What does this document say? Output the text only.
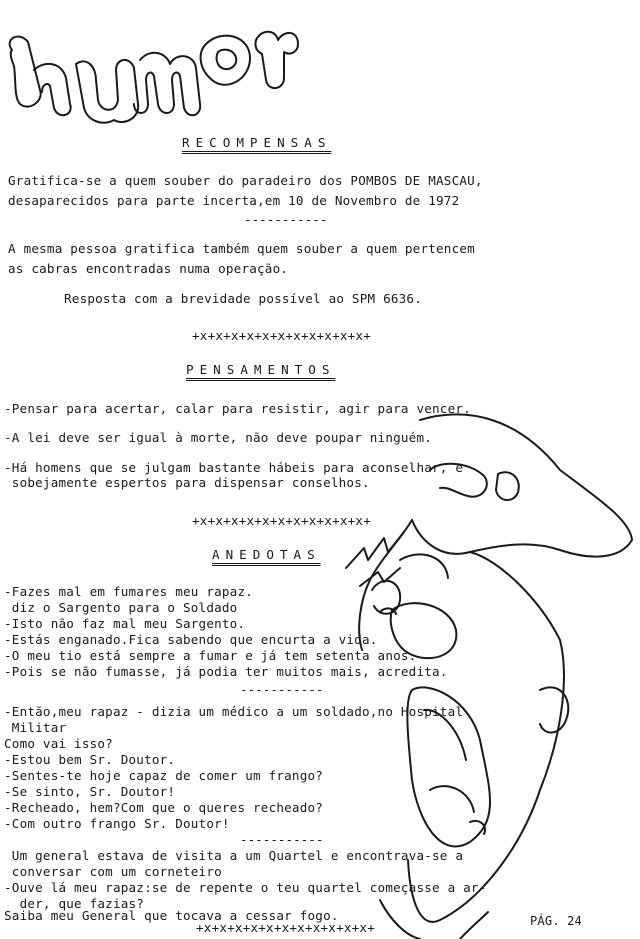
humor
RECOMPENSAS
Gratifica-se a quem souber do paradeiro dos POMBOS DE MASCAU,
desaparecidos para parte incerta,em 10 de Novembro de 1972
-----------
A mesma pessoa gratifica também quem souber a quem pertencem
as cabras encontradas numa operação.
Resposta com a brevidade possível ao SPM 6636.
+x+x+x+x+x+x+x+x+x+x+x+
PENSAMENTOS
-Pensar para acertar, calar para resistir, agir para vencer.
-A lei deve ser igual à morte, não deve poupar ninguém.
-Há homens que se julgam bastante hábeis para aconselhar, e
sobejamente espertos para dispensar conselhos.
+x+x+x+x+x+x+x+x+x+x+x+
ANEDOTAS
-Fazes mal em fumares meu rapaz.
diz o Sargento para o Soldado
-Isto não faz mal meu Sargento.
-Estás enganado.Fica sabendo que encurta a vida.
-O meu tio está sempre a fumar e já tem setenta anos.
-Pois se não fumasse, já podia ter muitos mais, acredita.
-----------
-Então,meu rapaz - dizia um médico a um soldado,no Hospital
Militar
Como vai isso?
-Estou bem Sr. Doutor.
-Sentes-te hoje capaz de comer um frango?
-Se sinto, Sr. Doutor!
-Recheado, hem?Com que o queres recheado?
-Com outro frango Sr. Doutor!
-----------
Um general estava de visita a um Quartel e encontrava-se a
conversar com um corneteiro
-Ouve lá meu rapaz:se de repente o teu quartel começasse a ar-
der, que fazias?
Saiba meu General que tocava a cessar fogo.
+x+x+x+x+x+x+x+x+x+x+x+	PÁG. 24
